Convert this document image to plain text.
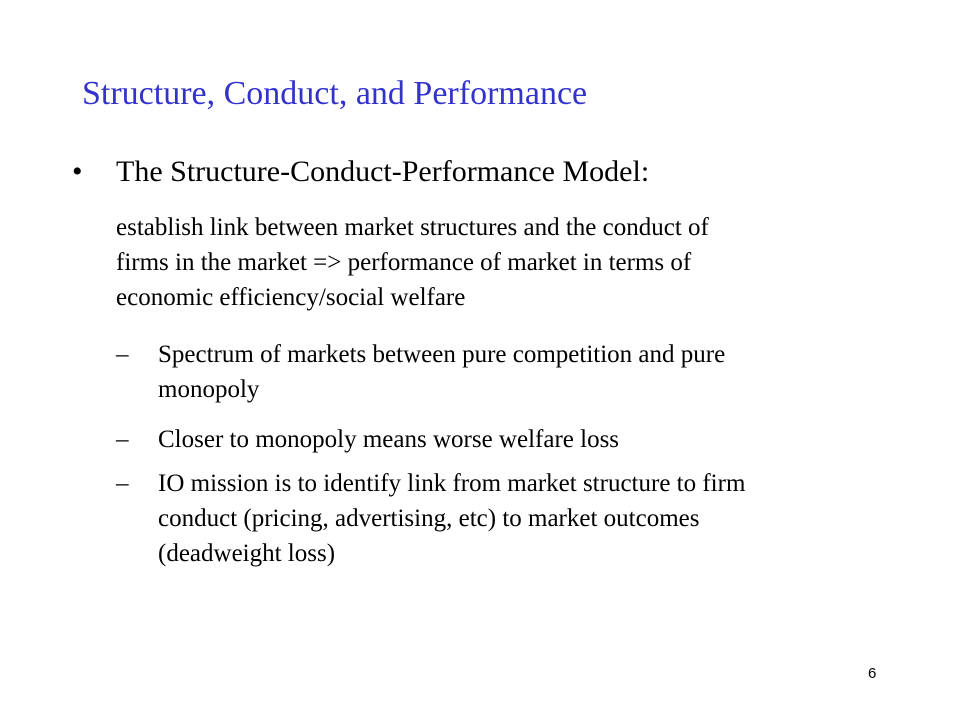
Structure, Conduct, and Performance
• The Structure-Conduct-Performance Model:
establish link between market structures and the conduct of
firms in the market => performance of market in terms of
economic efficiency/social welfare
–	Spectrum of markets between pure competition and pure
monopoly
–	Closer to monopoly means worse welfare loss
–	IO mission is to identify link from market structure to firm
conduct (pricing, advertising, etc) to market outcomes
(deadweight loss)
6
